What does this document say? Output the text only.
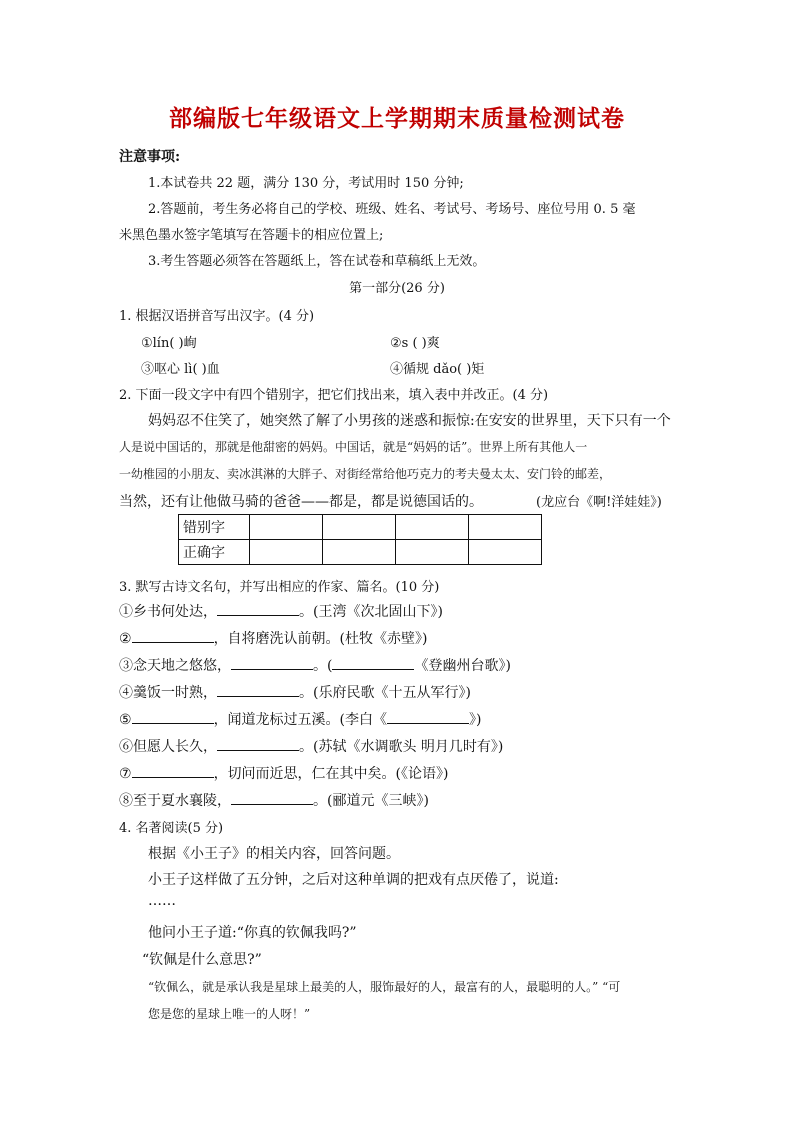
部编版七年级语文上学期期末质量检测试卷
注意事项:
1.本试卷共 22 题，满分 130 分，考试用时 150 分钟;
2.答题前，考生务必将自己的学校、班级、姓名、考试号、考场号、座位号用 0. 5 毫
米黑色墨水签字笔填写在答题卡的相应位置上;
3.考生答题必须答在答题纸上，答在试卷和草稿纸上无效。
第一部分(26 分)
1. 根据汉语拼音写出汉字。(4 分)
①lín( )峋	②s ( )爽
③呕心 lì( )血	④循规 dǎo( )矩
2. 下面一段文字中有四个错别字，把它们找出来，填入表中并改正。(4 分)
妈妈忍不住笑了，她突然了解了小男孩的迷惑和振惊:在安安的世界里，天下只有一个
人是说中国话的，那就是他甜密的妈妈。中国话，就是“妈妈的话”。世界上所有其他人一
一幼椎园的小朋友、卖冰淇淋的大胖子、对街经常给他巧克力的考夫曼太太、安门铃的邮差，
当然，还有让他做马骑的爸爸——都是，都是说德国话的。	(龙应台《啊!洋娃娃》)
错别字				
正确字				
3. 默写古诗文名句，并写出相应的作家、篇名。(10 分)
①乡书何处达，	。(王湾《次北固山下》)
②	，自将磨洗认前朝。(杜牧《赤壁》)
③念天地之悠悠，	。(	《登幽州台歌》)
④羹饭一时熟，	。(乐府民歌《十五从军行》)
⑤	，闻道龙标过五溪。(李白《	》)
⑥但愿人长久，	。(苏轼《水调歌头 明月几时有》)
⑦	，切问而近思，仁在其中矣。(《论语》)
⑧至于夏水襄陵，	。(郦道元《三峡》)
4. 名著阅读(5 分)
根据《小王子》的相关内容，回答问题。
小王子这样做了五分钟，之后对这种单调的把戏有点厌倦了，说道:
……
他问小王子道:“你真的钦佩我吗?”
“钦佩是什么意思?”
“钦佩么，就是承认我是星球上最美的人，服饰最好的人，最富有的人，最聪明的人。” “可
您是您的星球上唯一的人呀！”
